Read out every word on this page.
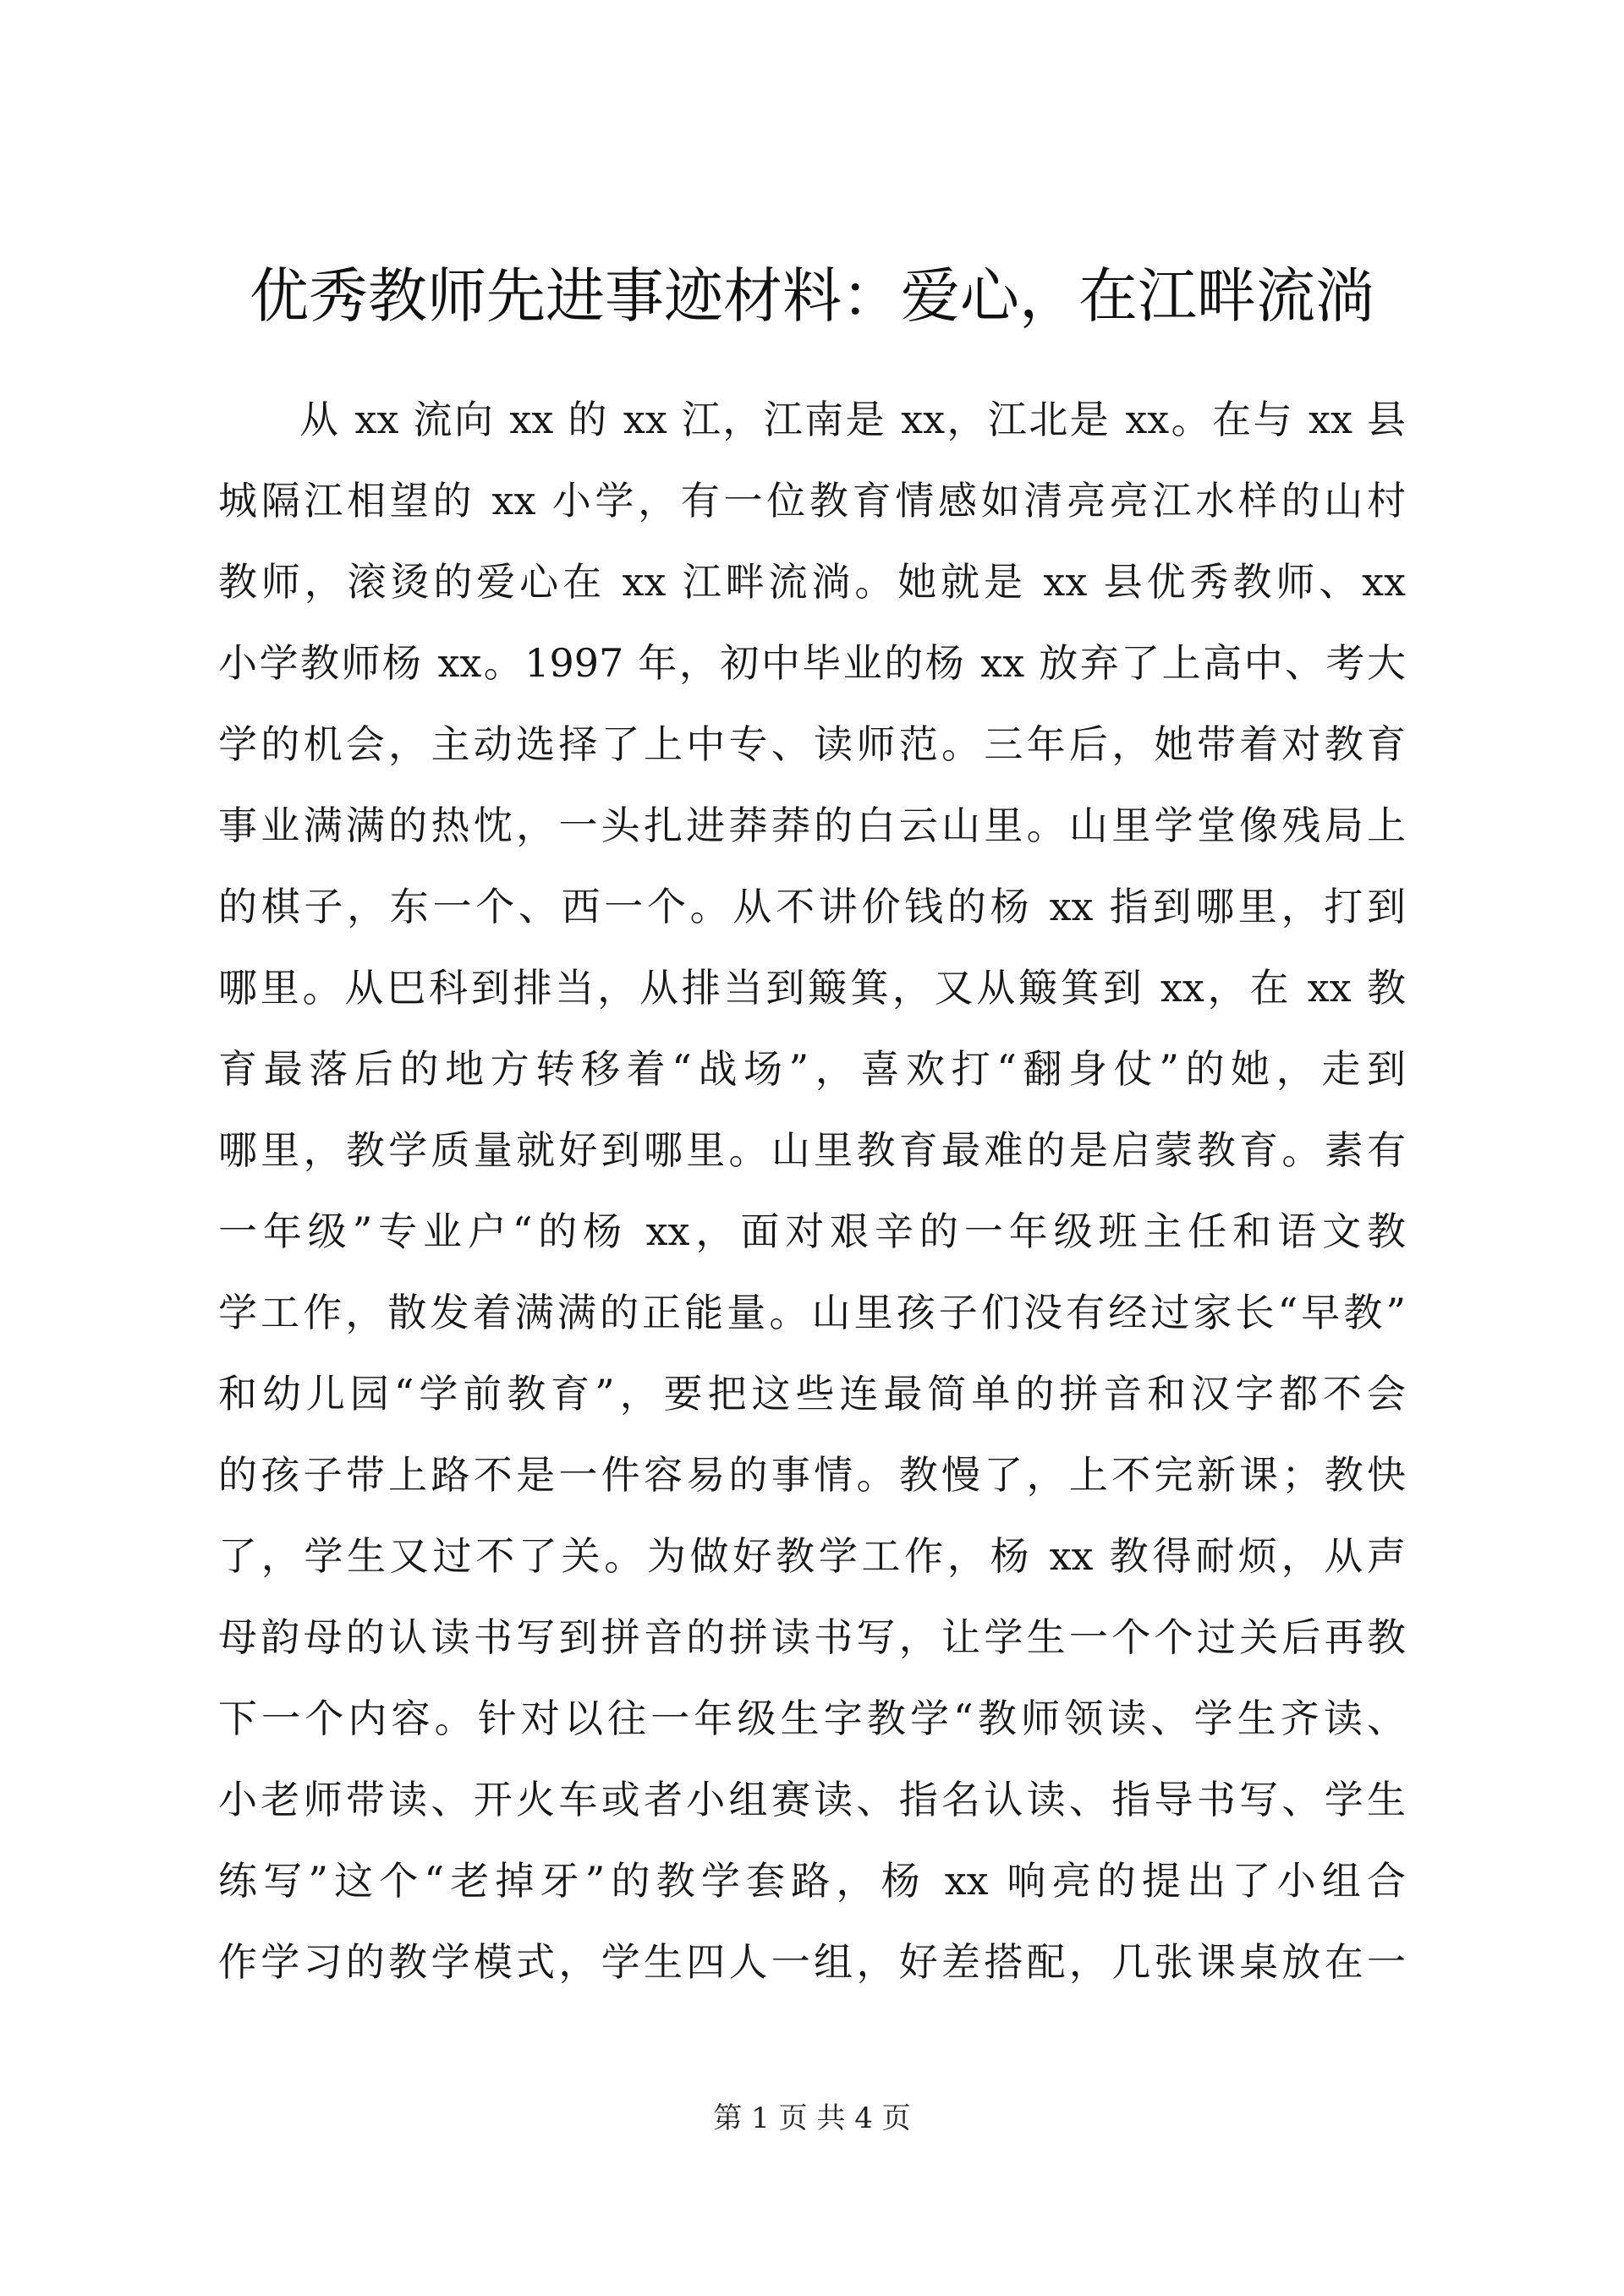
优秀教师先进事迹材料：爱心，在江畔流淌
从 xx 流向 xx 的 xx 江，江南是 xx，江北是 xx。在与 xx 县
城隔江相望的 xx 小学，有一位教育情感如清亮亮江水样的山村
教师，滚烫的爱心在 xx 江畔流淌。她就是 xx 县优秀教师、xx
小学教师杨 xx。1997 年，初中毕业的杨 xx 放弃了上高中、考大
学的机会，主动选择了上中专、读师范。三年后，她带着对教育
事业满满的热忱，一头扎进莽莽的白云山里。山里学堂像残局上
的棋子，东一个、西一个。从不讲价钱的杨 xx 指到哪里，打到
哪里。从巴科到排当，从排当到簸箕，又从簸箕到 xx，在 xx 教
育最落后的地方转移着“战场”，喜欢打“翻身仗”的她，走到
哪里，教学质量就好到哪里。山里教育最难的是启蒙教育。素有
一年级”专业户“的杨 xx，面对艰辛的一年级班主任和语文教
学工作，散发着满满的正能量。山里孩子们没有经过家长“早教”
和幼儿园“学前教育”，要把这些连最简单的拼音和汉字都不会
的孩子带上路不是一件容易的事情。教慢了，上不完新课；教快
了，学生又过不了关。为做好教学工作，杨 xx 教得耐烦，从声
母韵母的认读书写到拼音的拼读书写，让学生一个个过关后再教
下一个内容。针对以往一年级生字教学“教师领读、学生齐读、
小老师带读、开火车或者小组赛读、指名认读、指导书写、学生
练写”这个“老掉牙”的教学套路，杨 xx 响亮的提出了小组合
作学习的教学模式，学生四人一组，好差搭配，几张课桌放在一
第 1 页 共 4 页
